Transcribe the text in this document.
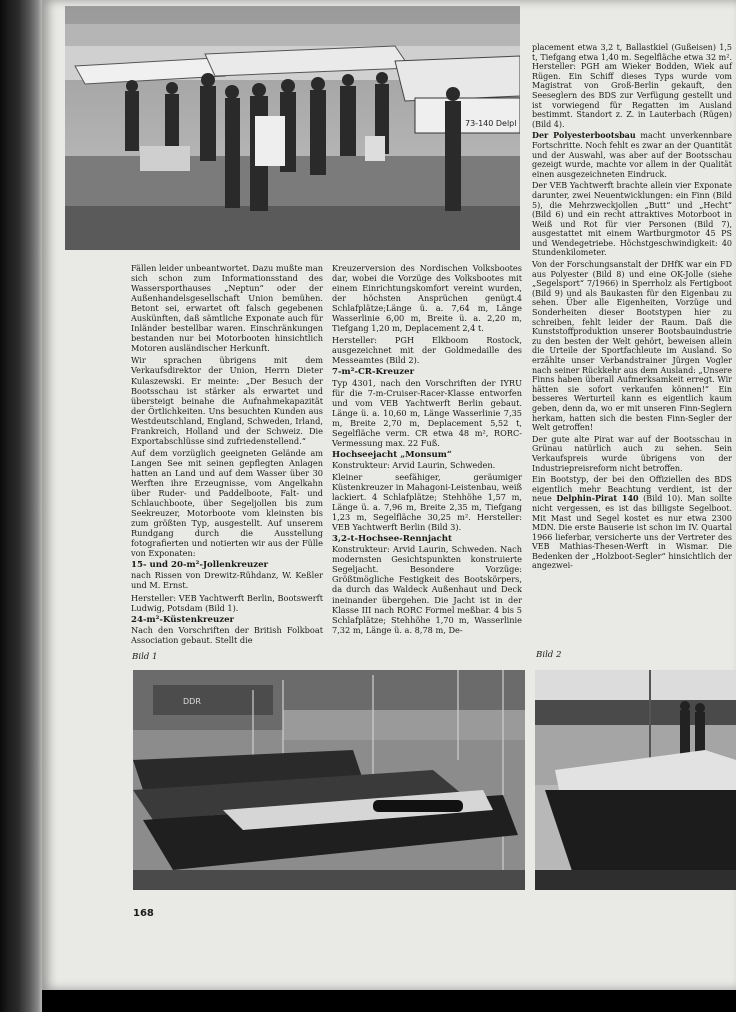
73-140 Delpl

Fällen leider unbeantwortet. Dazu mußte man sich schon zum Informationsstand des Wassersporthauses „Neptun“ oder der Außenhandelsgesellschaft Union bemühen. Betont sei, erwartet oft falsch gegebenen Auskünften, daß sämtliche Exponate auch für Inländer bestellbar waren. Einschränkungen bestanden nur bei Motorbooten hinsichtlich Motoren ausländischer Herkunft.

Wir sprachen übrigens mit dem Verkaufsdirektor der Union, Herrn Dieter Kulaszewski. Er meinte: „Der Besuch der Bootsschau ist stärker als erwartet und übersteigt beinahe die Aufnahmekapazität der Örtlichkeiten. Uns besuchten Kunden aus Westdeutschland, England, Schweden, Irland, Frankreich, Holland und der Schweiz. Die Exportabschlüsse sind zufriedenstellend.“

Auf dem vorzüglich geeigneten Gelände am Langen See mit seinen gepflegten Anlagen hatten an Land und auf dem Wasser über 30 Werften ihre Erzeugnisse, vom Angelkahn über Ruder- und Paddelboote, Falt- und Schlauchboote, über Segeljollen bis zum Seekreuzer, Motorboote vom kleinsten bis zum größten Typ, ausgestellt. Auf unserem Rundgang durch die Ausstellung fotografierten und notierten wir aus der Fülle von Exponaten:

15- und 20-m²-Jollenkreuzer

nach Rissen von Drewitz-Rühdanz, W. Keßler und M. Ernst.

Hersteller: VEB Yachtwerft Berlin, Bootswerft Ludwig, Potsdam (Bild 1).

24-m²-Küstenkreuzer

Nach den Vorschriften der British Folkboat Association gebaut. Stellt die

Kreuzerversion des Nordischen Volksbootes dar, wobei die Vorzüge des Volksbootes mit einem Einrichtungskomfort vereint wurden, der höchsten Ansprüchen genügt.4 Schlafplätze;Länge ü. a. 7,64 m, Länge Wasserlinie 6,00 m, Breite ü. a. 2,20 m, Tiefgang 1,20 m, Deplacement 2,4 t.

Hersteller: PGH Elkboom Rostock, ausgezeichnet mit der Goldmedaille des Messeamtes (Bild 2).

7-m²-CR-Kreuzer

Typ 4301, nach den Vorschriften der IYRU für die 7-m-Cruiser-Racer-Klasse entworfen und vom VEB Yachtwerft Berlin gebaut. Länge ü. a. 10,60 m, Länge Wasserlinie 7,35 m, Breite 2,70 m, Deplacement 5,52 t, Segelfläche verm. CR etwa 48 m², RORC-Vermessung max. 22 Fuß.

Hochseejacht „Monsum“

Konstrukteur: Arvid Laurin, Schweden.

Kleiner seefähiger, geräumiger Küstenkreuzer in Mahagoni-Leistenbau, weiß lackiert. 4 Schlafplätze; Stehhöhe 1,57 m, Länge ü. a. 7,96 m, Breite 2,35 m, Tiefgang 1,23 m, Segelfläche 30,25 m². Hersteller: VEB Yachtwerft Berlin (Bild 3).

3,2-t-Hochsee-Rennjacht

Konstrukteur: Arvid Laurin, Schweden. Nach modernsten Gesichtspunkten konstruierte Segeljacht. Besondere Vorzüge: Größtmögliche Festigkeit des Bootskörpers, da durch das Waldeck Außenhaut und Deck ineinander übergehen. Die Jacht ist in der Klasse III nach RORC Formel meßbar. 4 bis 5 Schlafplätze; Stehhöhe 1,70 m, Wasserlinie 7,32 m, Länge ü. a. 8,78 m, De-

placement etwa 3,2 t, Ballastkiel (Gußeisen) 1,5 t, Tiefgang etwa 1,40 m. Segelfläche etwa 32 m². Hersteller: PGH am Wieker Bodden, Wiek auf Rügen. Ein Schiff dieses Typs wurde vom Magistrat von Groß-Berlin gekauft, den Seeseglern des BDS zur Verfügung gestellt und ist vorwiegend für Regatten im Ausland bestimmt. Standort z. Z. in Lauterbach (Rügen) (Bild 4).

Der Polyesterbootsbau macht unverkennbare Fortschritte. Noch fehlt es zwar an der Quantität und der Auswahl, was aber auf der Bootsschau gezeigt wurde, machte vor allem in der Qualität einen ausgezeichneten Eindruck.

Der VEB Yachtwerft brachte allein vier Exponate darunter, zwei Neuentwicklungen: ein Finn (Bild 5), die Mehrzweckjollen „Butt“ und „Hecht“ (Bild 6) und ein recht attraktives Motorboot in Weiß und Rot für vier Personen (Bild 7), ausgestattet mit einem Wartburgmotor 45 PS und Wendegetriebe. Höchstgeschwindigkeit: 40 Stundenkilometer.

Von der Forschungsanstalt der DHfK war ein FD aus Polyester (Bild 8) und eine OK-Jolle (siehe „Segelsport“ 7/1966) in Sperrholz als Fertigboot (Bild 9) und als Baukasten für den Eigenbau zu sehen. Über alle Eigenheiten, Vorzüge und Sonderheiten dieser Bootstypen hier zu schreiben, fehlt leider der Raum. Daß die Kunststoffproduktion unserer Bootsbauindustrie zu den besten der Welt gehört, beweisen allein die Urteile der Sportfachleute im Ausland. So erzählte unser Verbandstrainer Jürgen Vogler nach seiner Rückkehr aus dem Ausland: „Unsere Finns haben überall Aufmerksamkeit erregt. Wir hätten sie sofort verkaufen können!“ Ein besseres Werturteil kann es eigentlich kaum geben, denn da, wo er mit unseren Finn-Seglern herkam, hatten sich die besten Finn-Segler der Welt getroffen!

Der gute alte Pirat war auf der Bootsschau in Grünau natürlich auch zu sehen. Sein Verkaufspreis wurde übrigens von der Industriepreisreform nicht betroffen.

Ein Bootstyp, der bei den Offiziellen des BDS eigentlich mehr Beachtung verdient, ist der neue Delphin-Pirat 140 (Bild 10). Man sollte nicht vergessen, es ist das billigste Segelboot. Mit Mast und Segel kostet es nur etwa 2300 MDN. Die erste Bauserie ist schon im IV. Quartal 1966 lieferbar, versicherte uns der Vertreter des VEB Mathias-Thesen-Werft in Wismar. Die Bedenken der „Holzboot-Segler“ hinsichtlich der angezwei-

Bild 1	Bild 2
DDR
168
